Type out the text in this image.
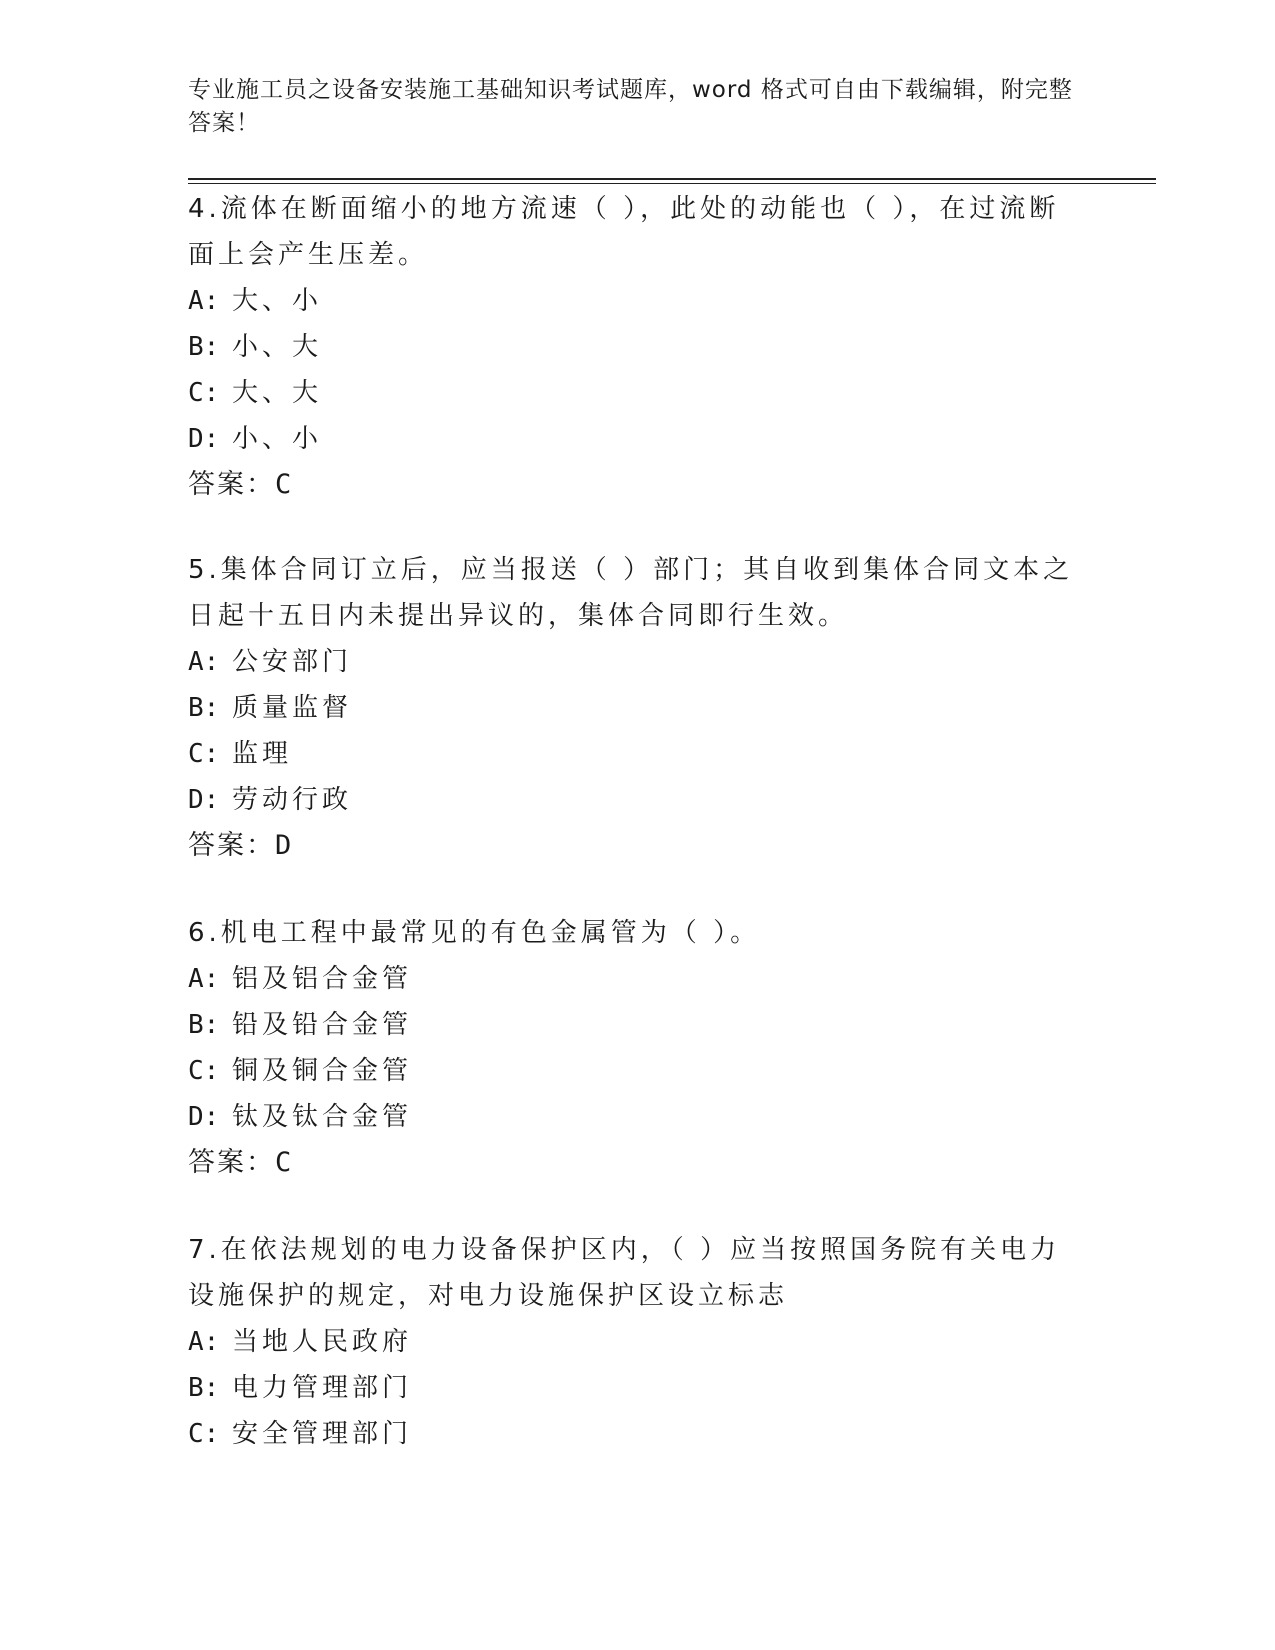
专业施工员之设备安装施工基础知识考试题库，word 格式可自由下载编辑，附完整答案！

4.流体在断面缩小的地方流速（ ），此处的动能也（ ），在过流断面上会产生压差。

A: 大、小
B: 小、大
C: 大、大
D: 小、小
答案：C

5.集体合同订立后，应当报送（ ）部门；其自收到集体合同文本之日起十五日内未提出异议的，集体合同即行生效。

A: 公安部门
B: 质量监督
C: 监理
D: 劳动行政
答案：D

6.机电工程中最常见的有色金属管为（ ）。

A: 铝及铝合金管
B: 铅及铅合金管
C: 铜及铜合金管
D: 钛及钛合金管
答案：C

7.在依法规划的电力设备保护区内，（ ）应当按照国务院有关电力设施保护的规定，对电力设施保护区设立标志

A: 当地人民政府
B: 电力管理部门
C: 安全管理部门
